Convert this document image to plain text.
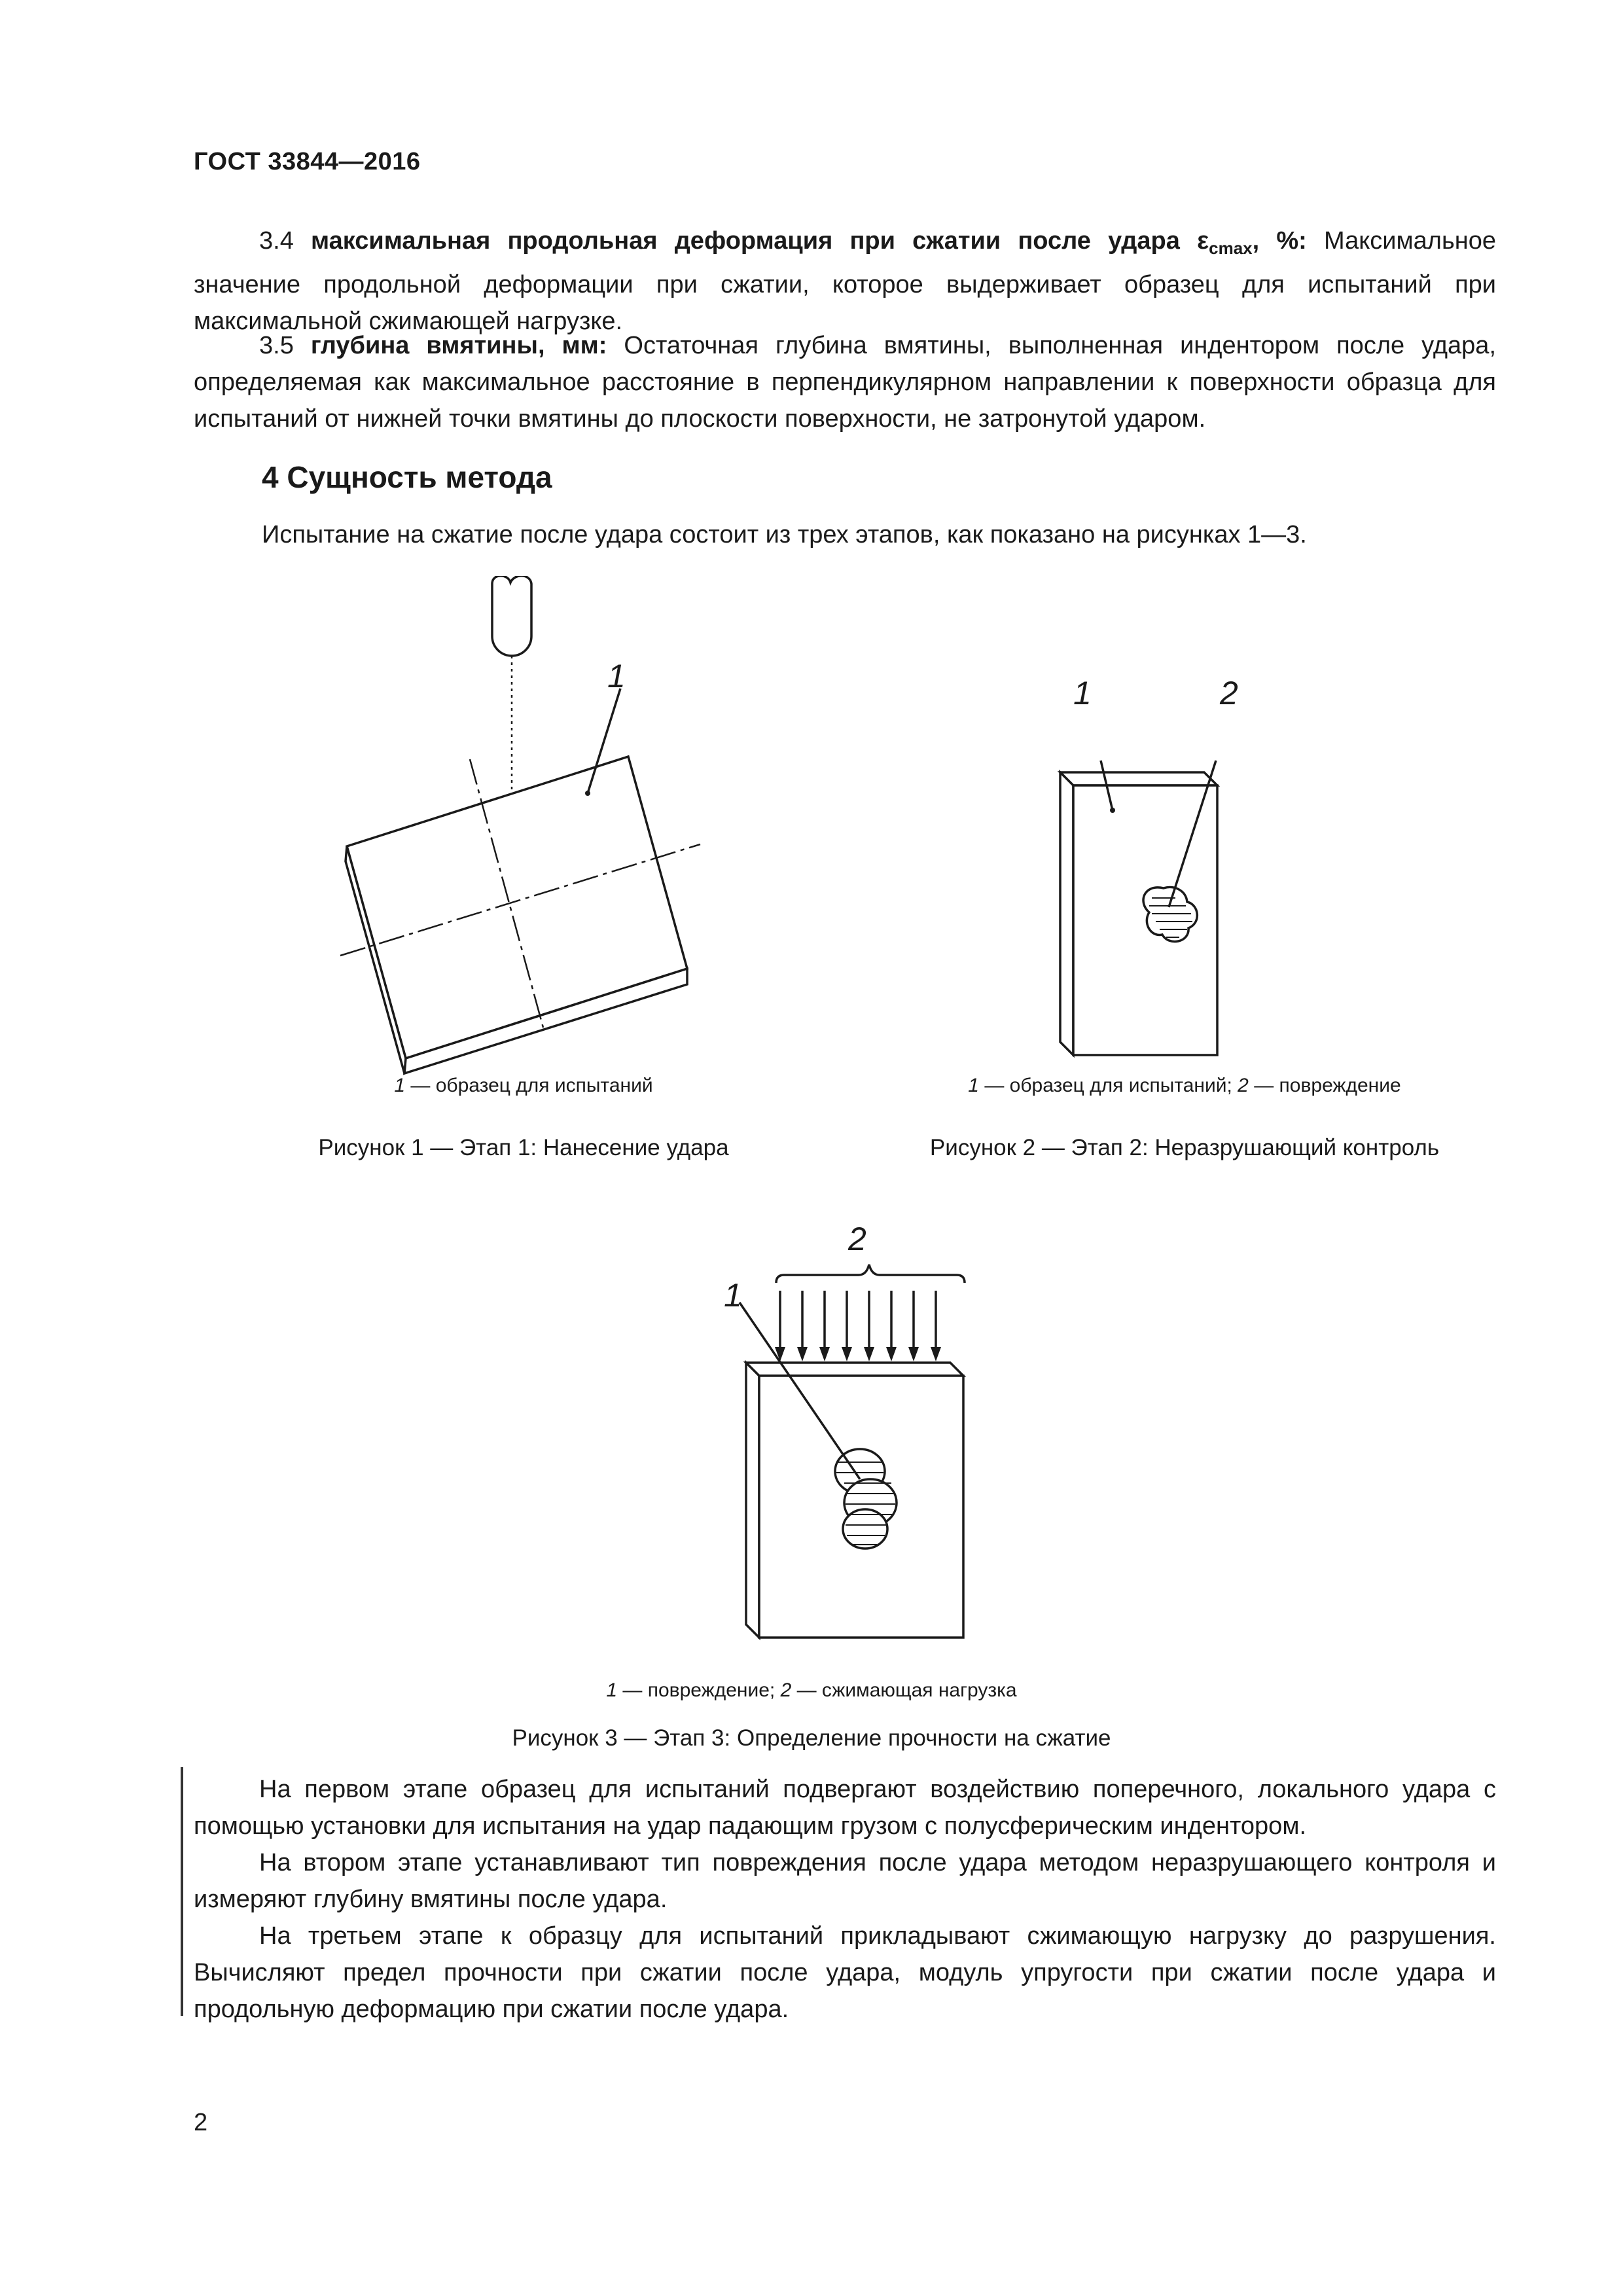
ГОСТ 33844—2016
3.4 максимальная продольная деформация при сжатии после удара $\varepsilon_{cmax}$, %: Максимальное значение продольной деформации при сжатии, которое выдерживает образец для испытаний при максимальной сжимающей нагрузке.
3.5 глубина вмятины, мм: Остаточная глубина вмятины, выполненная индентором после удара, определяемая как максимальное расстояние в перпендикулярном направлении к поверхности образца для испытаний от нижней точки вмятины до плоскости поверхности, не затронутой ударом.
4 Сущность метода
Испытание на сжатие после удара состоит из трех этапов, как показано на рисунках 1—3.
1
1 — образец для испытаний
Рисунок 1 — Этап 1: Нанесение удара
1	2
1 — образец для испытаний; 2 — повреждение
Рисунок 2 — Этап 2: Неразрушающий контроль
1
2
1 — повреждение; 2 — сжимающая нагрузка
Рисунок 3 — Этап 3: Определение прочности на сжатие
На первом этапе образец для испытаний подвергают воздействию поперечного, локального удара с помощью установки для испытания на удар падающим грузом с полусферическим индентором.
На втором этапе устанавливают тип повреждения после удара методом неразрушающего контроля и измеряют глубину вмятины после удара.
На третьем этапе к образцу для испытаний прикладывают сжимающую нагрузку до разрушения. Вычисляют предел прочности при сжатии после удара, модуль упругости при сжатии после удара и продольную деформацию при сжатии после удара.
2
